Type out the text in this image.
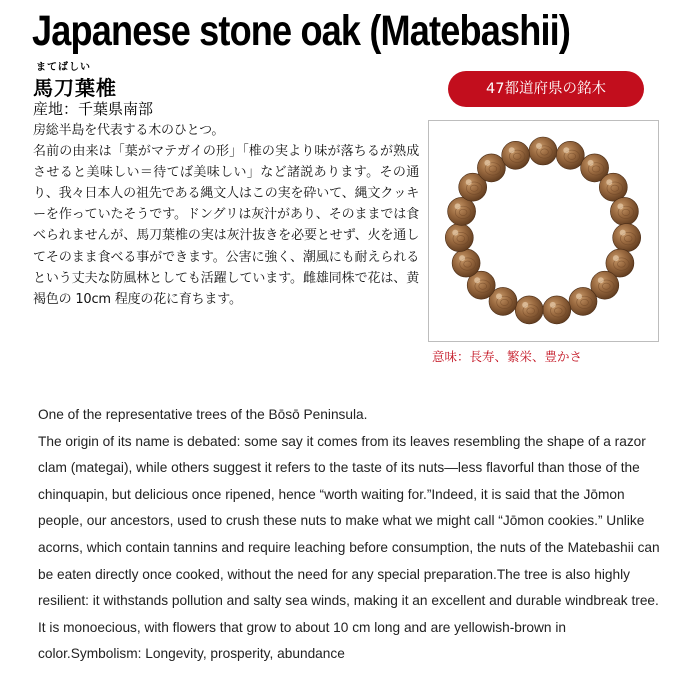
Japanese stone oak (Matebashii)
まてばしい
馬刀葉椎
産地：千葉県南部

房総半島を代表する木のひとつ。

名前の由来は「葉がマテガイの形」「椎の実より味が落ちるが熟成させると美味しい＝待てば美味しい」など諸説あります。その通り、我々日本人の祖先である縄文人はこの実を砕いて、縄文クッキーを作っていたそうです。ドングリは灰汁があり、そのままでは食べられませんが、馬刀葉椎の実は灰汁抜きを必要とせず、火を通してそのまま食べる事ができます。公害に強く、潮風にも耐えられるという丈夫な防風林としても活躍しています。雌雄同株で花は、黄褐色の 10cm 程度の花に育ちます。

47都道府県の銘木
意味：長寿、繁栄、豊かさ

One of the representative trees of the Bōsō Peninsula.
The origin of its name is debated: some say it comes from its leaves resembling the shape of a razor clam (mategai), while others suggest it refers to the taste of its nuts—less flavorful than those of the chinquapin, but delicious once ripened, hence “worth waiting for.”Indeed, it is said that the Jōmon people, our ancestors, used to crush these nuts to make what we might call “Jōmon cookies.” Unlike acorns, which contain tannins and require leaching before consumption, the nuts of the Matebashii can be eaten directly once cooked, without the need for any special preparation.The tree is also highly resilient: it withstands pollution and salty sea winds, making it an excellent and durable windbreak tree. It is monoecious, with flowers that grow to about 10 cm long and are yellowish-brown in color.Symbolism: Longevity, prosperity, abundance
